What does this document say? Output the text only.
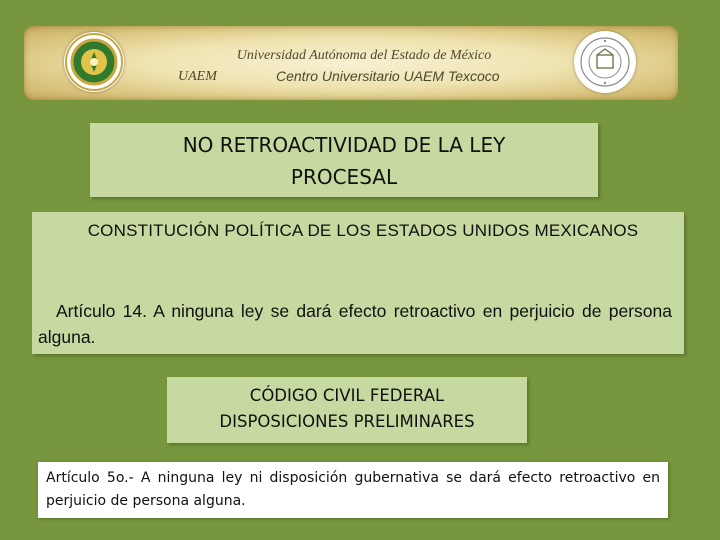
Universidad Autónoma del Estado de México
UAEM	Centro Universitario UAEM Texcoco
NO RETROACTIVIDAD DE LA LEY
PROCESAL
CONSTITUCIÓN POLÍTICA DE LOS ESTADOS UNIDOS MEXICANOS
Artículo 14. A ninguna ley se dará efecto retroactivo en perjuicio de persona alguna.
CÓDIGO CIVIL FEDERAL
DISPOSICIONES PRELIMINARES
Artículo 5o.- A ninguna ley ni disposición gubernativa se dará efecto retroactivo en perjuicio de persona alguna.
